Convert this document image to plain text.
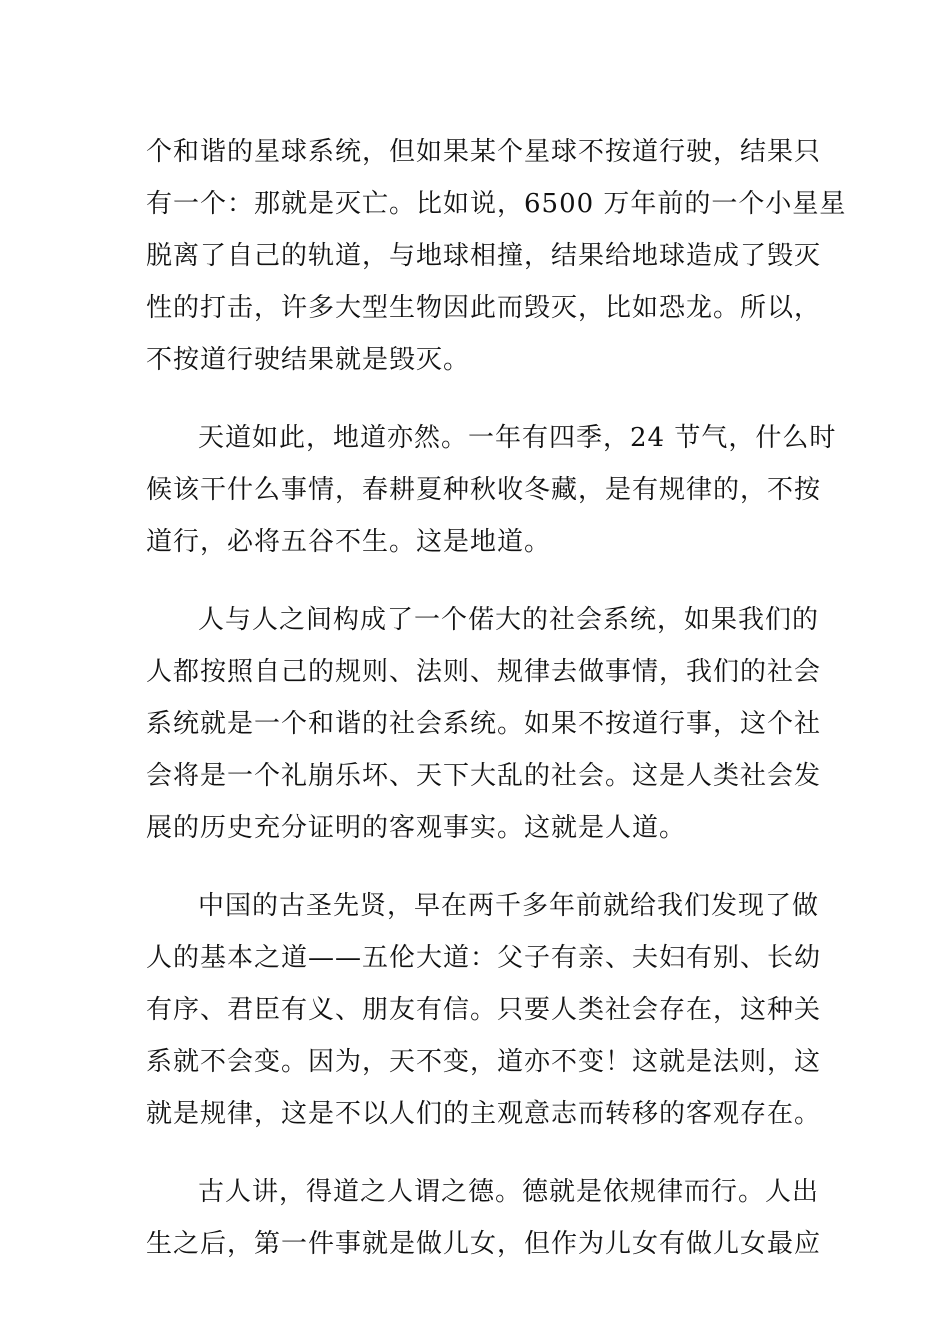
个和谐的星球系统，但如果某个星球不按道行驶，结果只
有一个：那就是灭亡。比如说，6500 万年前的一个小星星
脱离了自己的轨道，与地球相撞，结果给地球造成了毁灭
性的打击，许多大型生物因此而毁灭，比如恐龙。所以，
不按道行驶结果就是毁灭。
天道如此，地道亦然。一年有四季，24 节气，什么时
候该干什么事情，春耕夏种秋收冬藏，是有规律的，不按
道行，必将五谷不生。这是地道。
人与人之间构成了一个偌大的社会系统，如果我们的
人都按照自己的规则、法则、规律去做事情，我们的社会
系统就是一个和谐的社会系统。如果不按道行事，这个社
会将是一个礼崩乐坏、天下大乱的社会。这是人类社会发
展的历史充分证明的客观事实。这就是人道。
中国的古圣先贤，早在两千多年前就给我们发现了做
人的基本之道——五伦大道：父子有亲、夫妇有别、长幼
有序、君臣有义、朋友有信。只要人类社会存在，这种关
系就不会变。因为，天不变，道亦不变！这就是法则，这
就是规律，这是不以人们的主观意志而转移的客观存在。
古人讲，得道之人谓之德。德就是依规律而行。人出
生之后，第一件事就是做儿女，但作为儿女有做儿女最应
